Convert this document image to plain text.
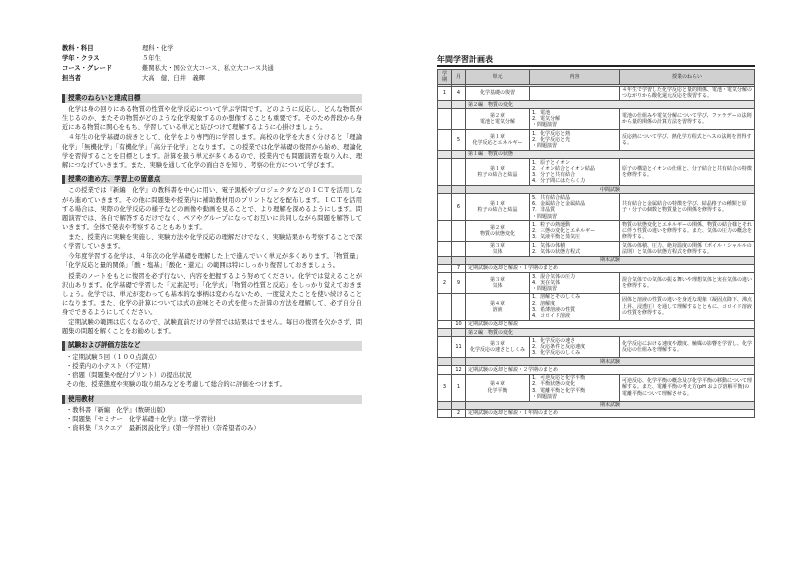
教科・科目	理科・化学
学年・クラス	５年生
コース・グレード	難関私大・国公立大コース、私立大コース共通
担当者	大高　健、臼井　義輝
授業のねらいと達成目標

化学は身の回りにある物質の性質や化学反応について学ぶ学問です。どのように反応し、どんな物質が生じるのか、またその物質がどのような化学現象するのか想像することも重要です。そのため普段から身近にある物質に関心をもち、学習している単元と結びつけて理解するように心掛けましょう。

４年生の化学基礎の続きとして、化学をより専門的に学習します。高校の化学を大きく分けると「理論化学」「無機化学」「有機化学」「高分子化学」となります。この授業では化学基礎の復習から始め、理論化学を習得することを目標とします。計算を扱う単元が多くあるので、授業内でも問題演習を取り入れ、理解につなげていきます。また、実験を通して化学の面白さを知り、考察の仕方について学びます。

授業の進め方、学習上の留意点

この授業では『新編　化学』の教科書を中心に用い、電子黒板やプロジェクタなどのＩＣＴを活用しながら進めていきます。その他に問題集や授業内に補助教材用のプリントなどを配布します。ＩＣＴを活用する場合は、実際の化学反応の様子などの画像や動画を見ることで、より理解を深めるようにします。問題演習では、各自で解答するだけでなく、ペアやグループになってお互いに共同しながら問題を解答していきます。全体で発表や考察することもあります。

また、授業内に実験を実施し、実験方法や化学反応の理解だけでなく、実験結果から考察することで深く学習していきます。

今年度学習する化学は、４年次の化学基礎を理解した上で進んでいく単元が多くあります。「物質量」「化学反応と量的関係」「酸・塩基」「酸化・還元」の範囲は特にしっかり復習しておきましょう。

授業のノートをもとに復習を必ず行ない、内容を把握するよう努めてください。化学では覚えることが沢山あります。化学基礎で学習した「元素記号」「化学式」「物質の性質と反応」をしっかり覚えておきましょう。化学では、単元が変わっても基本的な事柄は変わらないため、一度覚えたことを使い続けることになります。また、化学の計算については式の意味とその式を使った計算の方法を理解して、必ず自分自身でできるようにしてください。

定期試験の範囲は広くなるので、試験直前だけの学習では結果はでません。毎日の復習を欠かさず、問題集の問題を解くことをお勧めします。

試験および評価方法など
・定期試験５回（１００点満点）
・授業内の小テスト（不定期）
・宿題（問題集や配付プリント）の提出状況
その他、授業態度や実験の取り組みなどを考慮して総合的に評価をつけます。
使用教材
・教科書『新編　化学』(数研出版)
・問題集『セミナー　化学基礎＋化学』(第一学習社)
・資料集『スクエア　最新図説化学』(第一学習社)（奈希望者のみ）
年間学習計画表
学期	月	単元	内容	授業のねらい

1	4	化学基礎の復習		４年生で学習した化学反応と量的関係、電池・電気分解のつながりから酸化還元反応を復習する。
		第２編　物質の変化		
		第２章
電池と電気分解	1．電池
2．電気分解
・問題演習	電池の仕組みや電気分解について学び、ファラデーの法則から量的関係の計算方法を習得する。
	5	第１章
化学反応とエネルギー	1．化学反応と熱
2．化学反応と光
・問題演習	反応熱について学び、熱化学方程式とへスの法則を習得する。
		第１編　物質の状態		
		第１章
粒子の結合と結晶	1．原子とイオン
2．イオン結合とイオン結晶
3．分子と共有結合
4．分子間にはたらく力	原子の構造とイオンの仕組と、分子結合と共有結合の特徴を修得する。
		中間試験		
	6	第１章
粒子の結合と結晶	5．共有結合結晶
6．金属結合と金属結晶
7．非晶質
・問題演習	共有結合と金属結合の特徴を学び、結晶格子の種類と原子・分子の個数と物質量との関係を修得する。
		第２章
物質の状態変化	1．粒子の熱運動
2．三態の変化とエネルギー
3．気液平衡と蒸気圧	物質の状態変化とエネルギーの関係、物質の結合様とそれに伴う性質の違いを修得する。また、気体の圧力の概念を修得する。
		第３章
気体	1．気体の体積
2．気体の状態方程式	気体の体積、圧力、絶対温度の関係（ボイル・シャルルの法則）と気体の状態方程式を修得する。
		期末試験		
	7	定期試験の返却と解説・１学期のまとめ		
2	9	第３章
気体	3．混合気体の圧力
4．実在気体
・問題演習	混合気体での気体の振る舞いや理想気体と実在気体の違いを修得する。
		第４章
溶液	1．溶解とそのしくみ
2．溶解度
3．希薄溶液の性質
4．コロイド溶液	固体と溶液の性質の違いを身近な現象（凝固点降下、沸点上昇、浸透圧）を通して理解するとともに、コロイド溶液の性質を修得する。
	10	定期試験の返却と解説		
		第２編　物質の変化		
	11	第３章
化学反応の速さとしくみ	1．化学反応の速さ
2．反応条件と反応速度
3．化学反応のしくみ	化学反応における速度や濃度、触媒の影響を学習し、化学反応の仕組みを理解する。
		期末試験		
	12	定期試験の返却と解説・２学期のまとめ		
3	1	第４章
化学平衡	1．可逆反応と化学平衡
2．平衡状態の変化
3．電離平衡と化学平衡
・問題演習	可逆反応、化学平衡の概念及び化学平衡の移動について理解する。また、電離平衡の考え方(pH および溶解平衡)の電離平衡について理解させる。
		期末試験		
	2	定期試験の返却と解説・１年間のまとめ		
